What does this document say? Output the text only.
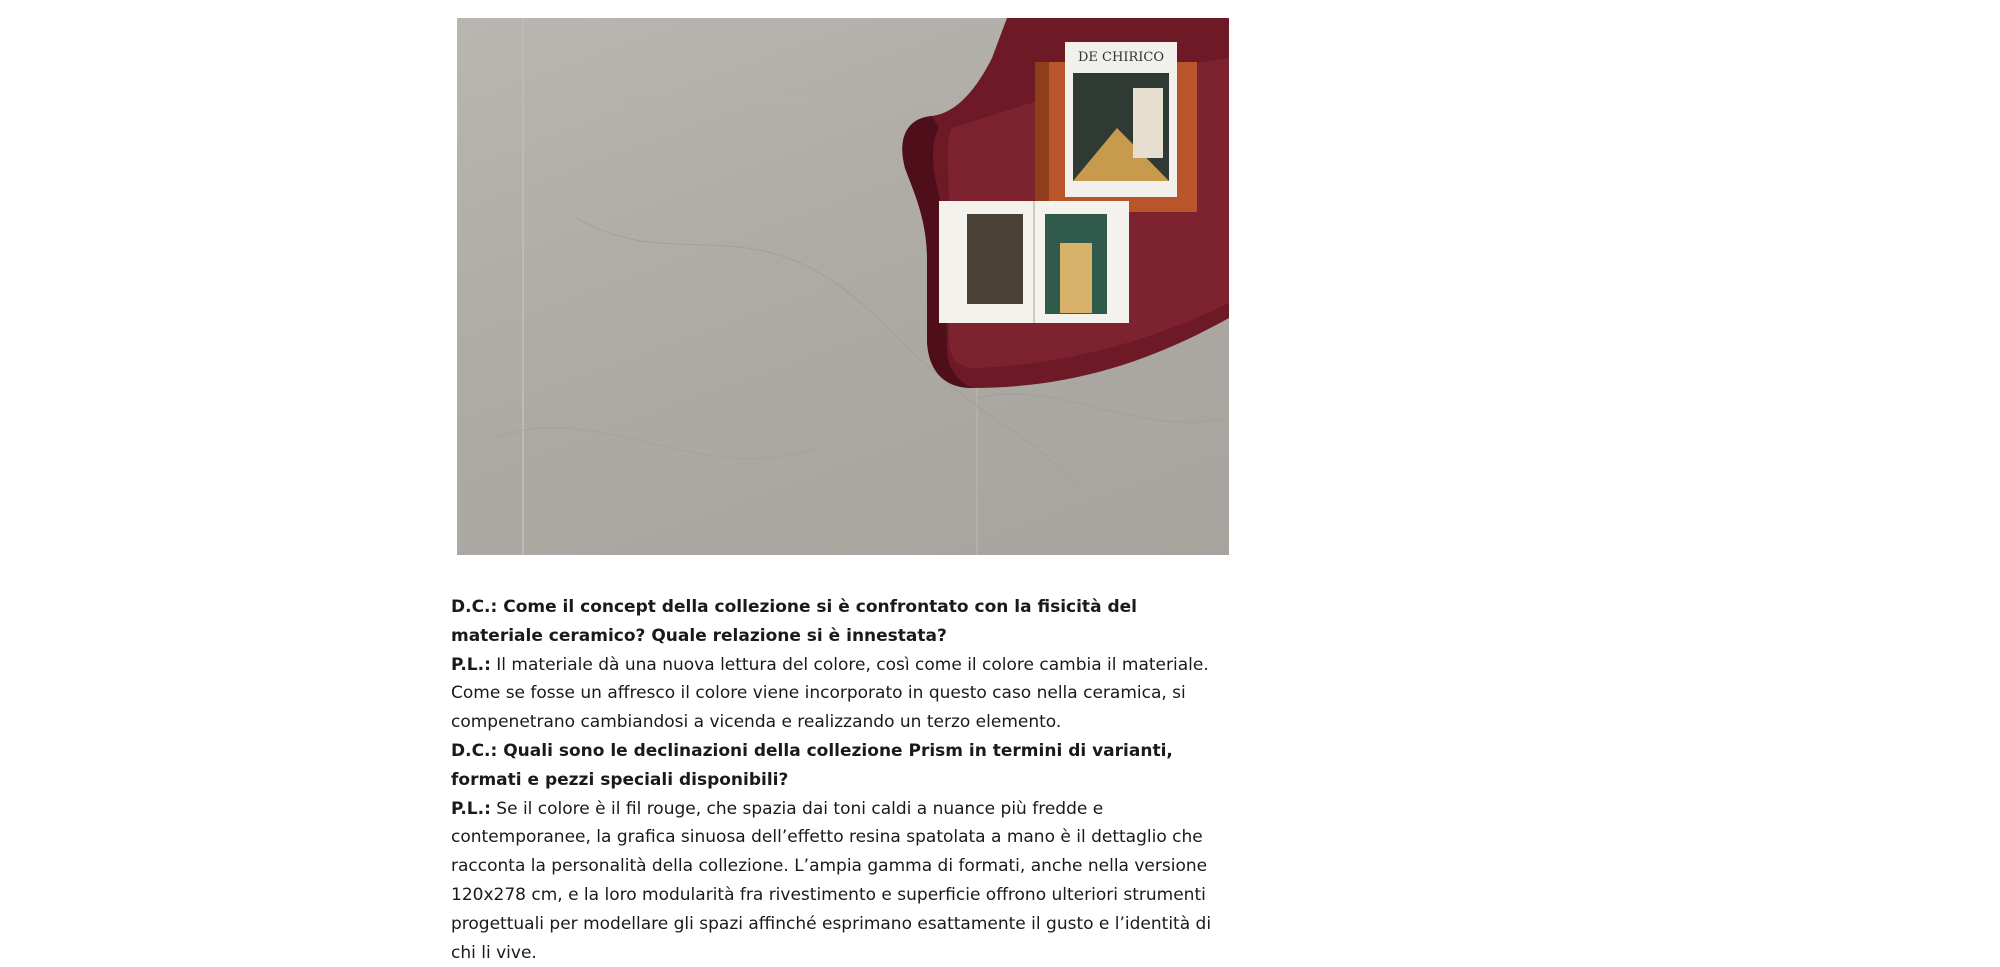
DE CHIRICO

D.C.: Come il concept della collezione si è confrontato con la fisicità del materiale ceramico? Quale relazione si è innestata?

P.L.: Il materiale dà una nuova lettura del colore, così come il colore cambia il materiale. Come se fosse un affresco il colore viene incorporato in questo caso nella ceramica, si compenetrano cambiandosi a vicenda e realizzando un terzo elemento.

D.C.: Quali sono le declinazioni della collezione Prism in termini di varianti, formati e pezzi speciali disponibili?

P.L.: Se il colore è il fil rouge, che spazia dai toni caldi a nuance più fredde e contemporanee, la grafica sinuosa dell’effetto resina spatolata a mano è il dettaglio che racconta la personalità della collezione. L’ampia gamma di formati, anche nella versione 120x278 cm, e la loro modularità fra rivestimento e superficie offrono ulteriori strumenti progettuali per modellare gli spazi affinché esprimano esattamente il gusto e l’identità di chi li vive.
